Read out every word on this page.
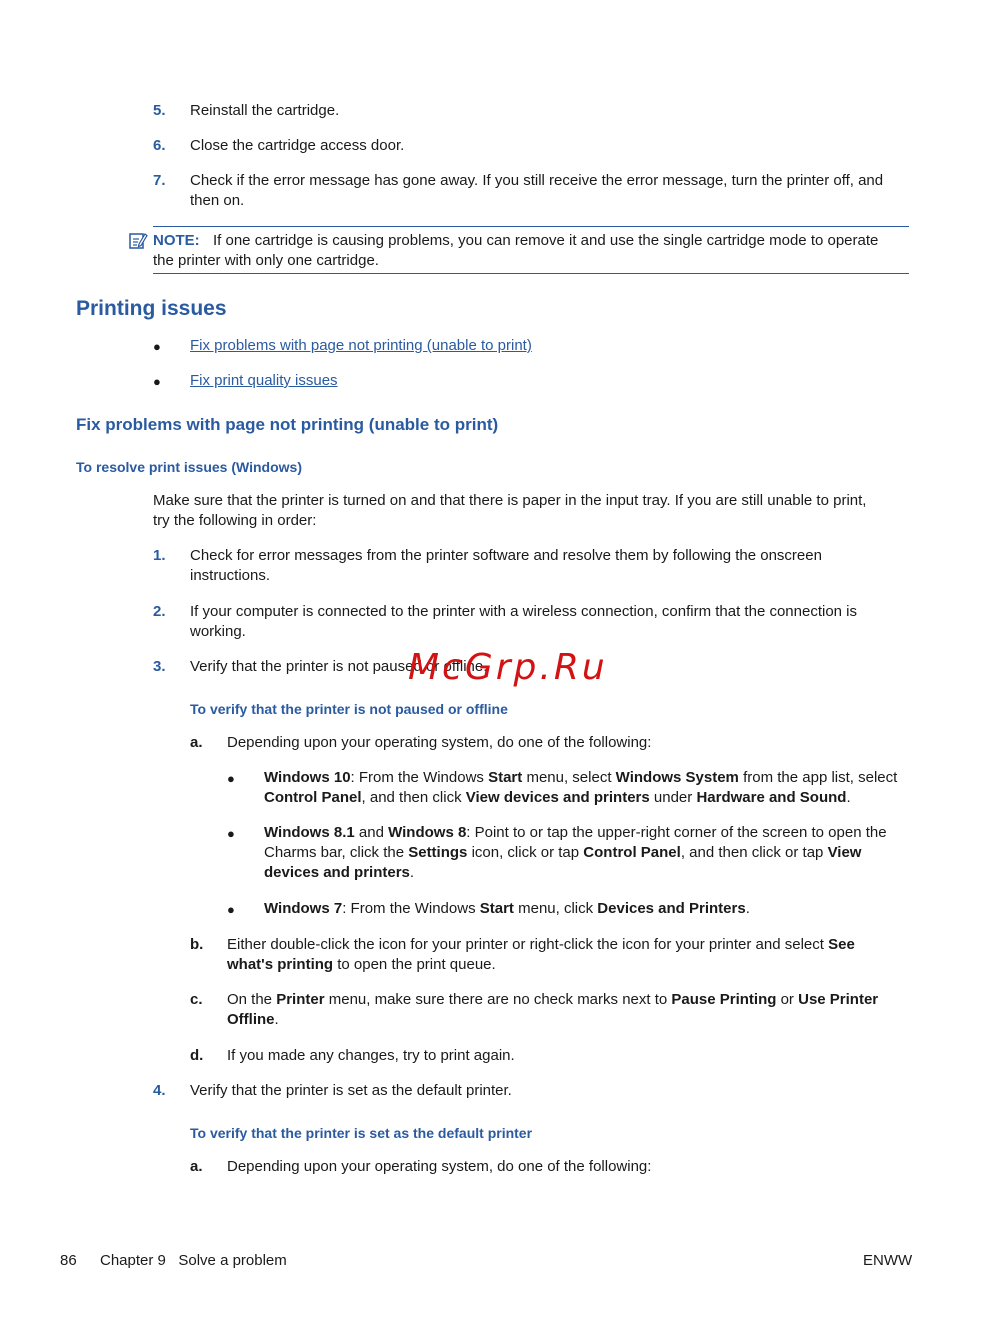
5. Reinstall the cartridge.
6. Close the cartridge access door.
7. Check if the error message has gone away. If you still receive the error message, turn the printer off, and
then on.
NOTE: If one cartridge is causing problems, you can remove it and use the single cartridge mode to operate
the printer with only one cartridge.
Printing issues
● Fix problems with page not printing (unable to print)
● Fix print quality issues
Fix problems with page not printing (unable to print)
To resolve print issues (Windows)
Make sure that the printer is turned on and that there is paper in the input tray. If you are still unable to print,
try the following in order:
1. Check for error messages from the printer software and resolve them by following the onscreen
instructions.
2. If your computer is connected to the printer with a wireless connection, confirm that the connection is
working.
3. Verify that the printer is not paused or offline.
To verify that the printer is not paused or offline
a. Depending upon your operating system, do one of the following:
● Windows 10: From the Windows Start menu, select Windows System from the app list, select
Control Panel, and then click View devices and printers under Hardware and Sound.
● Windows 8.1 and Windows 8: Point to or tap the upper-right corner of the screen to open the
Charms bar, click the Settings icon, click or tap Control Panel, and then click or tap View
devices and printers.
● Windows 7: From the Windows Start menu, click Devices and Printers.
b. Either double-click the icon for your printer or right-click the icon for your printer and select See
what's printing to open the print queue.
c. On the Printer menu, make sure there are no check marks next to Pause Printing or Use Printer
Offline.
d. If you made any changes, try to print again.
4. Verify that the printer is set as the default printer.
To verify that the printer is set as the default printer
a. Depending upon your operating system, do one of the following:
McGrp.Ru
86 Chapter 9   Solve a problem	ENWW
